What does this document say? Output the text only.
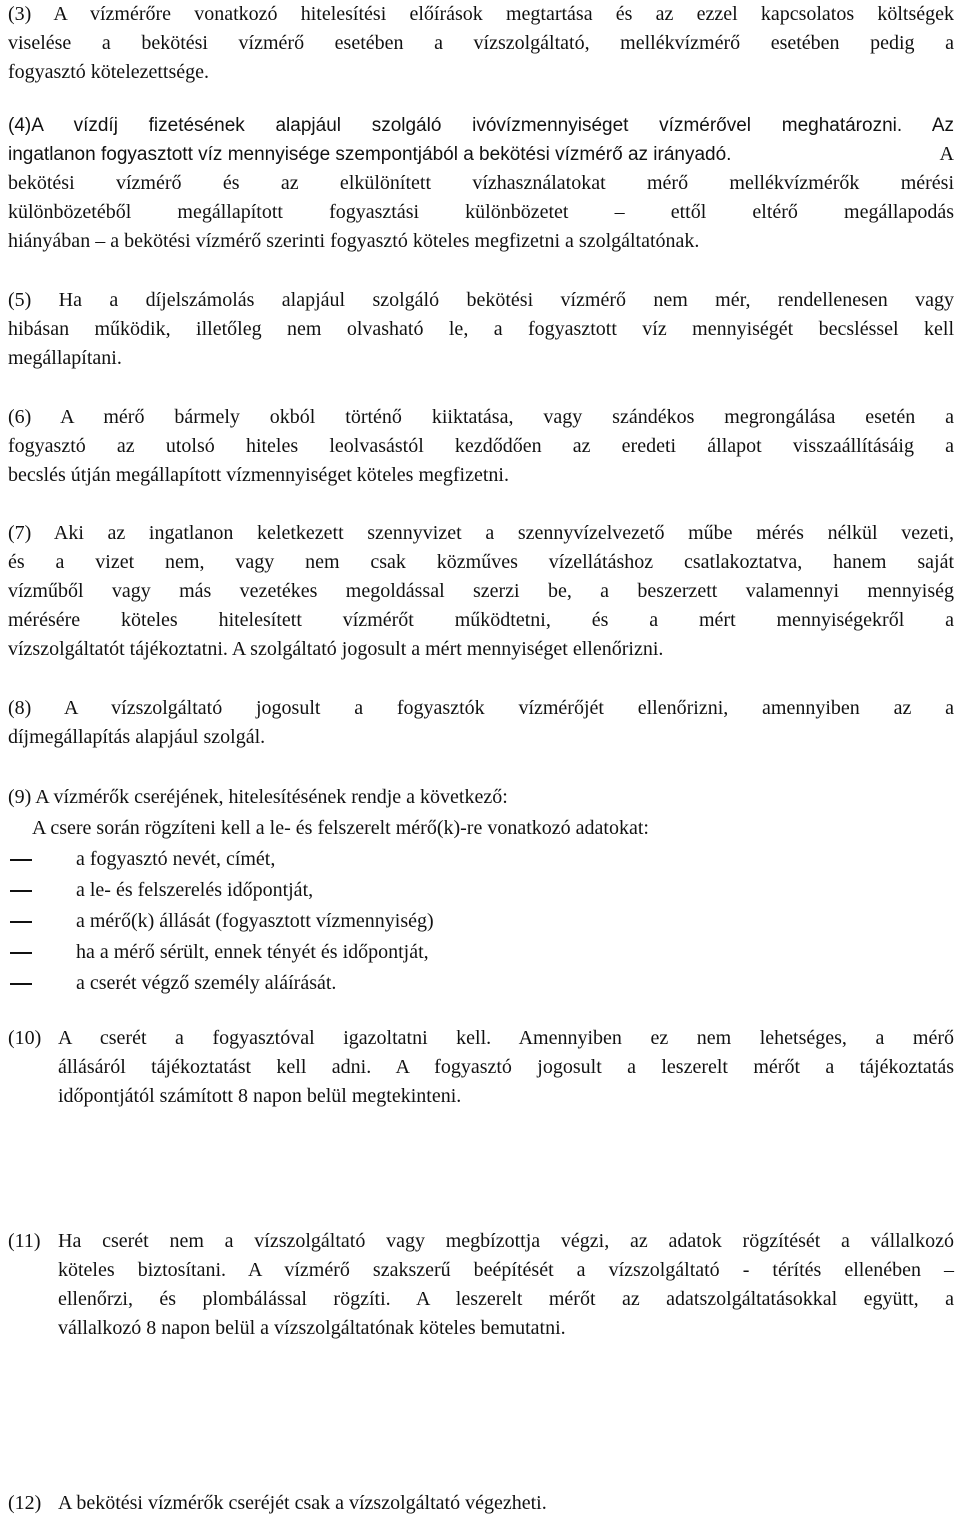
(3) A vízmérőre vonatkozó hitelesítési előírások megtartása és az ezzel kapcsolatos költségek
viselése a bekötési vízmérő esetében a vízszolgáltató, mellékvízmérő esetében pedig a
fogyasztó kötelezettsége.
(4)A vízdíj fizetésének alapjául szolgáló ivóvízmennyiséget vízmérővel meghatározni. Az
ingatlanon fogyasztott víz mennyisége szempontjából a bekötési vízmérő az irányadó.	A
bekötési vízmérő és az elkülönített vízhasználatokat mérő mellékvízmérők mérési
különbözetéből megállapított fogyasztási különbözetet – ettől eltérő megállapodás
hiányában – a bekötési vízmérő szerinti fogyasztó köteles megfizetni a szolgáltatónak.
(5) Ha a díjelszámolás alapjául szolgáló bekötési vízmérő nem mér, rendellenesen vagy
hibásan működik, illetőleg nem olvasható le, a fogyasztott víz mennyiségét becsléssel kell
megállapítani.
(6) A mérő bármely okból történő kiiktatása, vagy szándékos megrongálása esetén a
fogyasztó az utolsó hiteles leolvasástól kezdődően az eredeti állapot visszaállításáig a
becslés útján megállapított vízmennyiséget köteles megfizetni.
(7) Aki az ingatlanon keletkezett szennyvizet a szennyvízelvezető műbe mérés nélkül vezeti,
és a vizet nem, vagy nem csak közműves vízellátáshoz csatlakoztatva, hanem saját
vízműből vagy más vezetékes megoldással szerzi be, a beszerzett valamennyi mennyiség
mérésére köteles hitelesített vízmérőt működtetni, és a mért mennyiségekről a
vízszolgáltatót tájékoztatni. A szolgáltató jogosult a mért mennyiséget ellenőrizni.
(8) A vízszolgáltató jogosult a fogyasztók vízmérőjét ellenőrizni, amennyiben az a
díjmegállapítás alapjául szolgál.
(9) A vízmérők cseréjének, hitelesítésének rendje a következő:
A csere során rögzíteni kell a le- és felszerelt mérő(k)-re vonatkozó adatokat:
a fogyasztó nevét, címét,
a le- és felszerelés időpontját,
a mérő(k) állását (fogyasztott vízmennyiség)
ha a mérő sérült, ennek tényét és időpontját,
a cserét végző személy aláírását.
(10) A cserét a fogyasztóval igazoltatni kell. Amennyiben ez nem lehetséges, a mérő
állásáról tájékoztatást kell adni. A fogyasztó jogosult a leszerelt mérőt a tájékoztatás
időpontjától számított 8 napon belül megtekinteni.
(11) Ha cserét nem a vízszolgáltató vagy megbízottja végzi, az adatok rögzítését a vállalkozó
köteles biztosítani. A vízmérő szakszerű beépítését a vízszolgáltató - térítés ellenében –
ellenőrzi, és plombálással rögzíti. A leszerelt mérőt az adatszolgáltatásokkal együtt, a
vállalkozó 8 napon belül a vízszolgáltatónak köteles bemutatni.
(12) A bekötési vízmérők cseréjét csak a vízszolgáltató végezheti.
